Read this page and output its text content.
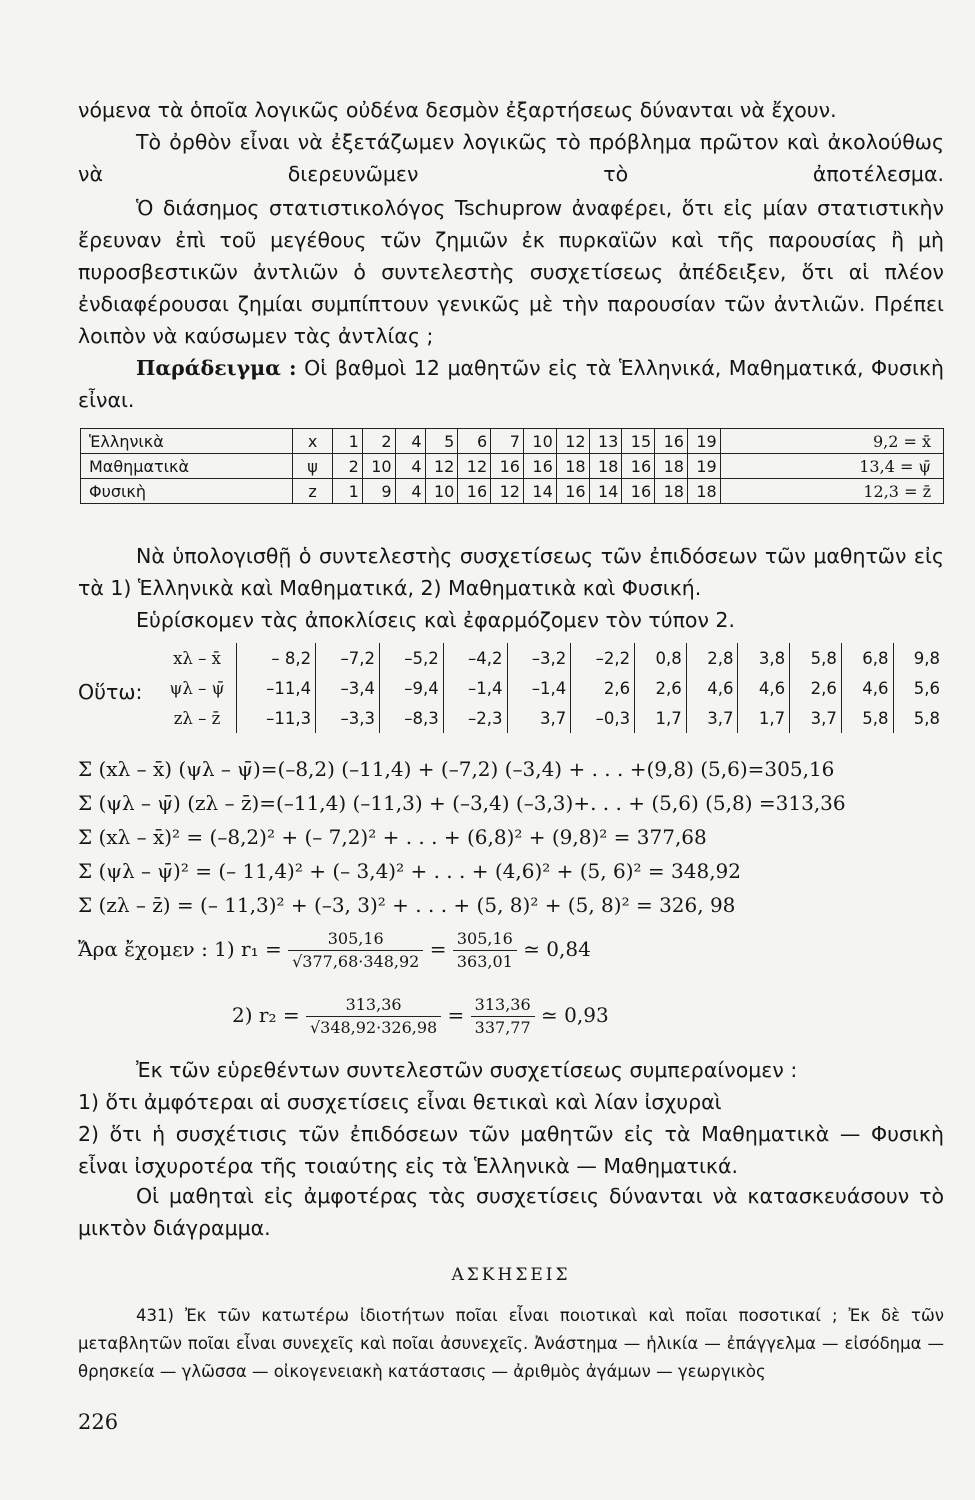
νόμενα τὰ ὁποῖα λογικῶς οὐδένα δεσμὸν ἐξαρτήσεως δύνανται νὰ ἔχουν.

Τὸ ὀρθὸν εἶναι νὰ ἐξετάζωμεν λογικῶς τὸ πρόβλημα πρῶτον καὶ ἀκολούθως νὰ διερευνῶμεν τὸ ἀποτέλεσμα.

Ὁ διάσημος στατιστικολόγος Tschuprow ἀναφέρει, ὅτι εἰς μίαν στατιστικὴν ἔρευναν ἐπὶ τοῦ μεγέθους τῶν ζημιῶν ἐκ πυρκαϊῶν καὶ τῆς παρουσίας ἢ μὴ πυροσβεστικῶν ἀντλιῶν ὁ συντελεστὴς συσχετίσεως ἀπέδειξεν, ὅτι αἱ πλέον ἐνδιαφέρουσαι ζημίαι συμπίπτουν γενικῶς μὲ τὴν παρουσίαν τῶν ἀντλιῶν. Πρέπει λοιπὸν νὰ καύσωμεν τὰς ἀντλίας ;

Παράδειγμα : Οἱ βαθμοὶ 12 μαθητῶν εἰς τὰ Ἑλληνικά, Μαθηματικά, Φυσικὴ εἶναι.

Ἑλληνικὰ	x	1	2	4	5	6	7	10	12	13	15	16	19	9,2 = x̄
Μαθηματικὰ	ψ	2	10	4	12	12	16	16	18	18	16	18	19	13,4 = ψ̄
Φυσικὴ	z	1	9	4	10	16	12	14	16	14	16	18	18	12,3 = z̄

Νὰ ὑπολογισθῇ ὁ συντελεστὴς συσχετίσεως τῶν ἐπιδόσεων τῶν μαθητῶν εἰς τὰ 1) Ἑλληνικὰ καὶ Μαθηματικά, 2) Μαθηματικὰ καὶ Φυσική.

Εὑρίσκομεν τὰς ἀποκλίσεις καὶ ἐφαρμόζομεν τὸν τύπον 2.

Οὕτω:
xλ – x̄	– 8,2	–7,2	–5,2	–4,2	–3,2	–2,2	0,8	2,8	3,8	5,8	6,8	9,8
ψλ – ψ̄	–11,4	–3,4	–9,4	–1,4	–1,4	2,6	2,6	4,6	4,6	2,6	4,6	5,6
zλ – z̄	–11,3	–3,3	–8,3	–2,3	3,7	–0,3	1,7	3,7	1,7	3,7	5,8	5,8
Σ (xλ – x̄) (ψλ – ψ̄)=(–8,2) (–11,4) + (–7,2) (–3,4) + . . . +(9,8) (5,6)=305,16
Σ (ψλ – ψ̄) (zλ – z̄)=(–11,4) (–11,3) + (–3,4) (–3,3)+. . . + (5,6) (5,8) =313,36
Σ (xλ – x̄)² = (–8,2)² + (– 7,2)² + . . . + (6,8)² + (9,8)² = 377,68
Σ (ψλ – ψ̄)² = (– 11,4)² + (– 3,4)² + . . . + (4,6)² + (5, 6)² = 348,92
Σ (zλ – z̄) = (– 11,3)² + (–3, 3)² + . . . + (5, 8)² + (5, 8)² = 326, 98
Ἄρα ἔχομεν : 1) $r_1 = \frac{305,16}{√377,68\cdot 348,92} = \frac{305,16}{363,01}$ ≃ 0,84
2) $r_2 = \frac{313,36}{√348,92\cdot 326,98} = \frac{313,36}{337,77}$ ≃ 0,93

Ἐκ τῶν εὑρεθέντων συντελεστῶν συσχετίσεως συμπεραίνομεν :

1) ὅτι ἀμφότεραι αἱ συσχετίσεις εἶναι θετικαὶ καὶ λίαν ἰσχυραὶ

2) ὅτι ἡ συσχέτισις τῶν ἐπιδόσεων τῶν μαθητῶν εἰς τὰ Μαθηματικὰ — Φυσικὴ εἶναι ἰσχυροτέρα τῆς τοιαύτης εἰς τὰ Ἑλληνικὰ — Μαθηματικά.

Οἱ μαθηταὶ εἰς ἀμφοτέρας τὰς συσχετίσεις δύνανται νὰ κατασκευάσουν τὸ μικτὸν διάγραμμα.

ΑΣΚΗΣΕΙΣ

431) Ἐκ τῶν κατωτέρω ἰδιοτήτων ποῖαι εἶναι ποιοτικαὶ καὶ ποῖαι ποσοτικαί ; Ἐκ δὲ τῶν μεταβλητῶν ποῖαι εἶναι συνεχεῖς καὶ ποῖαι ἀσυνεχεῖς. Ἀνάστημα — ἡλικία — ἐπάγγελμα — εἰσόδημα — θρησκεία — γλῶσσα — οἰκογενειακὴ κατάστασις — ἀριθμὸς ἀγάμων — γεωργικὸς

226
